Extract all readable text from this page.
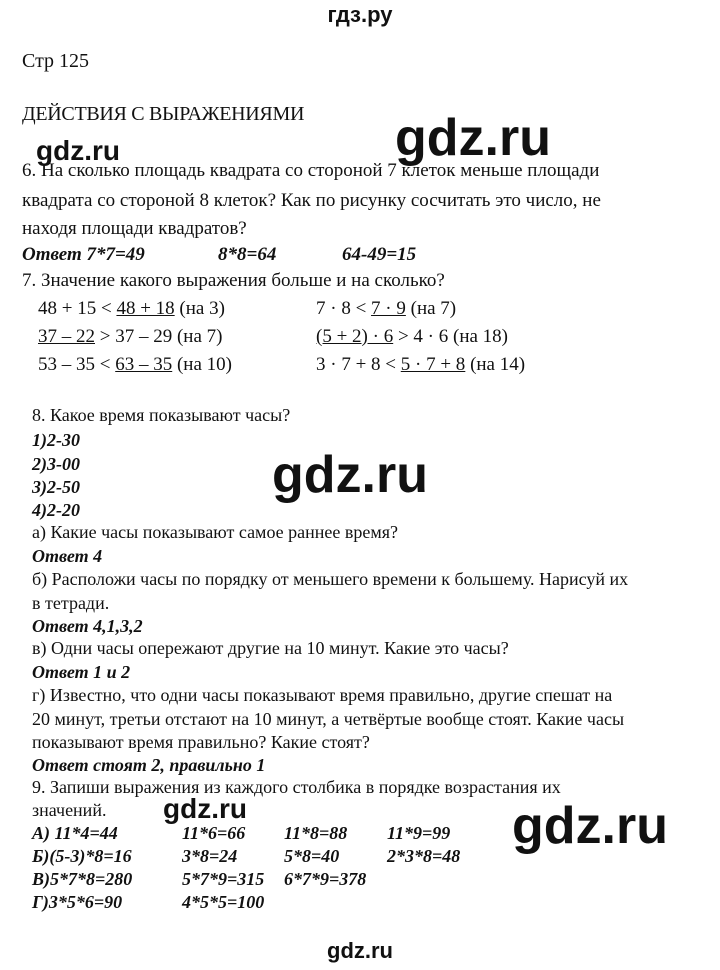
гдз.ру
Стр 125
ДЕЙСТВИЯ С ВЫРАЖЕНИЯМИ gdz.ru
gdz.ru
gdz.ru
gdz.ru	gdz.ru
gdz.ru
6. На сколько площадь квадрата со стороной 7 клеток меньше площади
квадрата со стороной 8 клеток? Как по рисунку сосчитать это число, не
находя площади квадратов?
Ответ 7*7=49	8*8=64	64-49=15
7. Значение какого выражения больше и на сколько?
48 + 15 < 48 + 18 (на 3)	7 · 8 < 7 · 9 (на 7)
37 – 22 > 37 – 29 (на 7)	(5 + 2) · 6 > 4 · 6 (на 18)
53 – 35 < 63 – 35 (на 10)	3 · 7 + 8 < 5 · 7 + 8 (на 14)
8. Какое время показывают часы?
1)2-30
2)3-00
3)2-50
4)2-20
а) Какие часы показывают самое раннее время?
Ответ 4
б) Расположи часы по порядку от меньшего времени к большему. Нарисуй их
в тетради.
Ответ 4,1,3,2
в) Одни часы опережают другие на 10 минут. Какие это часы?
Ответ 1 и 2
г) Известно, что одни часы показывают время правильно, другие спешат на
20 минут, третьи отстают на 10 минут, а четвёртые вообще стоят. Какие часы
показывают время правильно? Какие стоят?
Ответ стоят 2, правильно 1
9. Запиши выражения из каждого столбика в порядке возрастания их
значений.
А) 11*4=44	11*6=66 11*8=88 11*9=99
Б)(5-3)*8=16	3*8=24	5*8=40	2*3*8=48
В)5*7*8=280	5*7*9=315 6*7*9=378
Г)3*5*6=90	4*5*5=100
